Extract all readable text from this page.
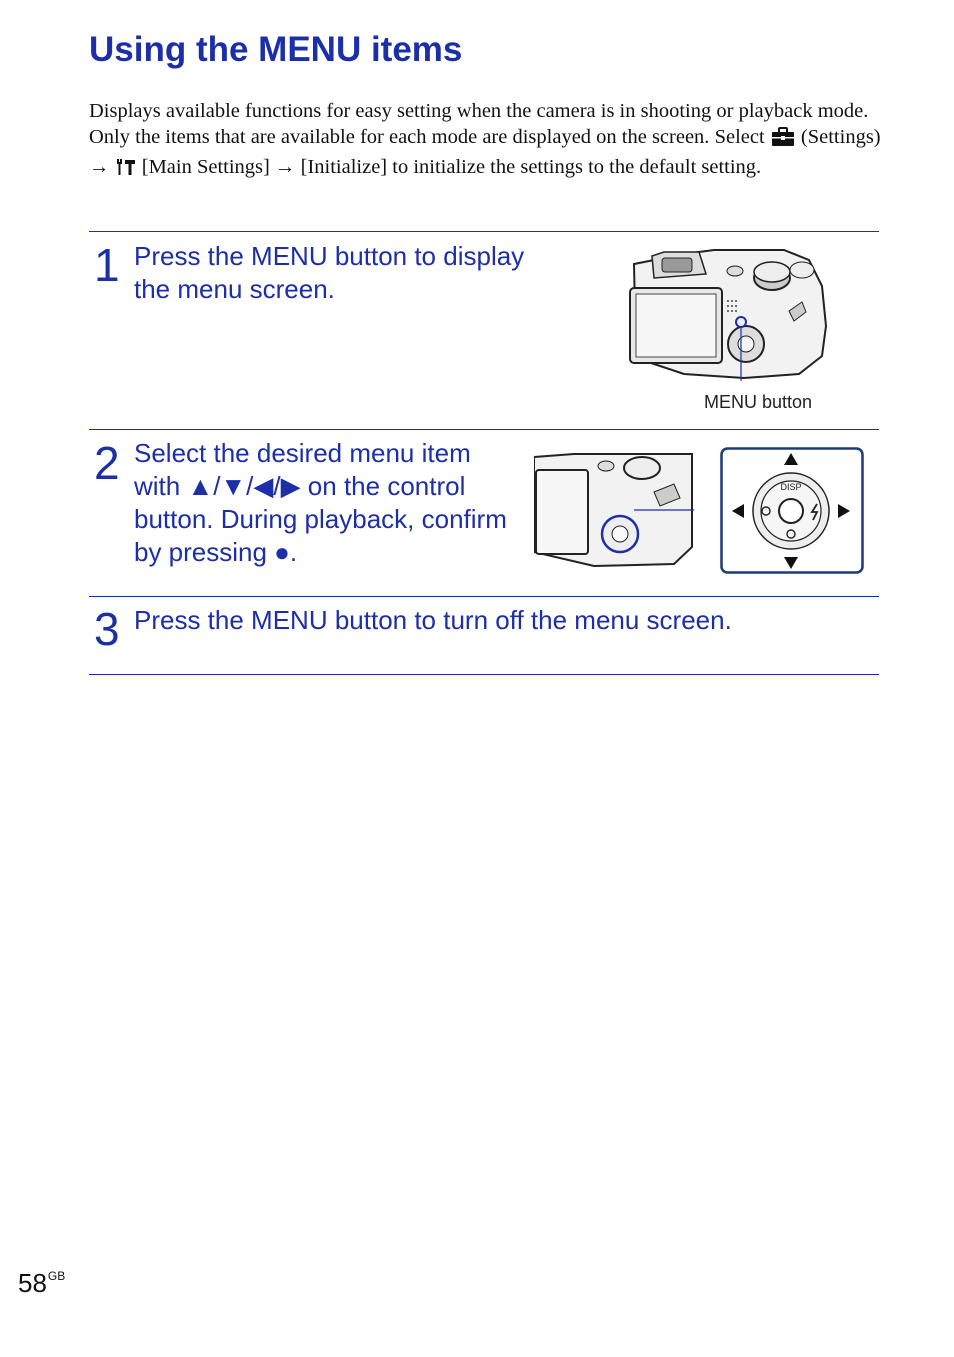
Using the MENU items
Displays available functions for easy setting when the camera is in shooting or playback mode. Only the items that are available for each mode are displayed on the screen. Select (Settings) → [Main Settings] → [Initialize] to initialize the settings to the default setting.
1 Press the MENU button to display the menu screen.
MENU button
2 Select the desired menu item with ▲/▼/◀/▶ on the control button. During playback, confirm by pressing ●.
DISP
3 Press the MENU button to turn off the menu screen.
$58^{GB}$
